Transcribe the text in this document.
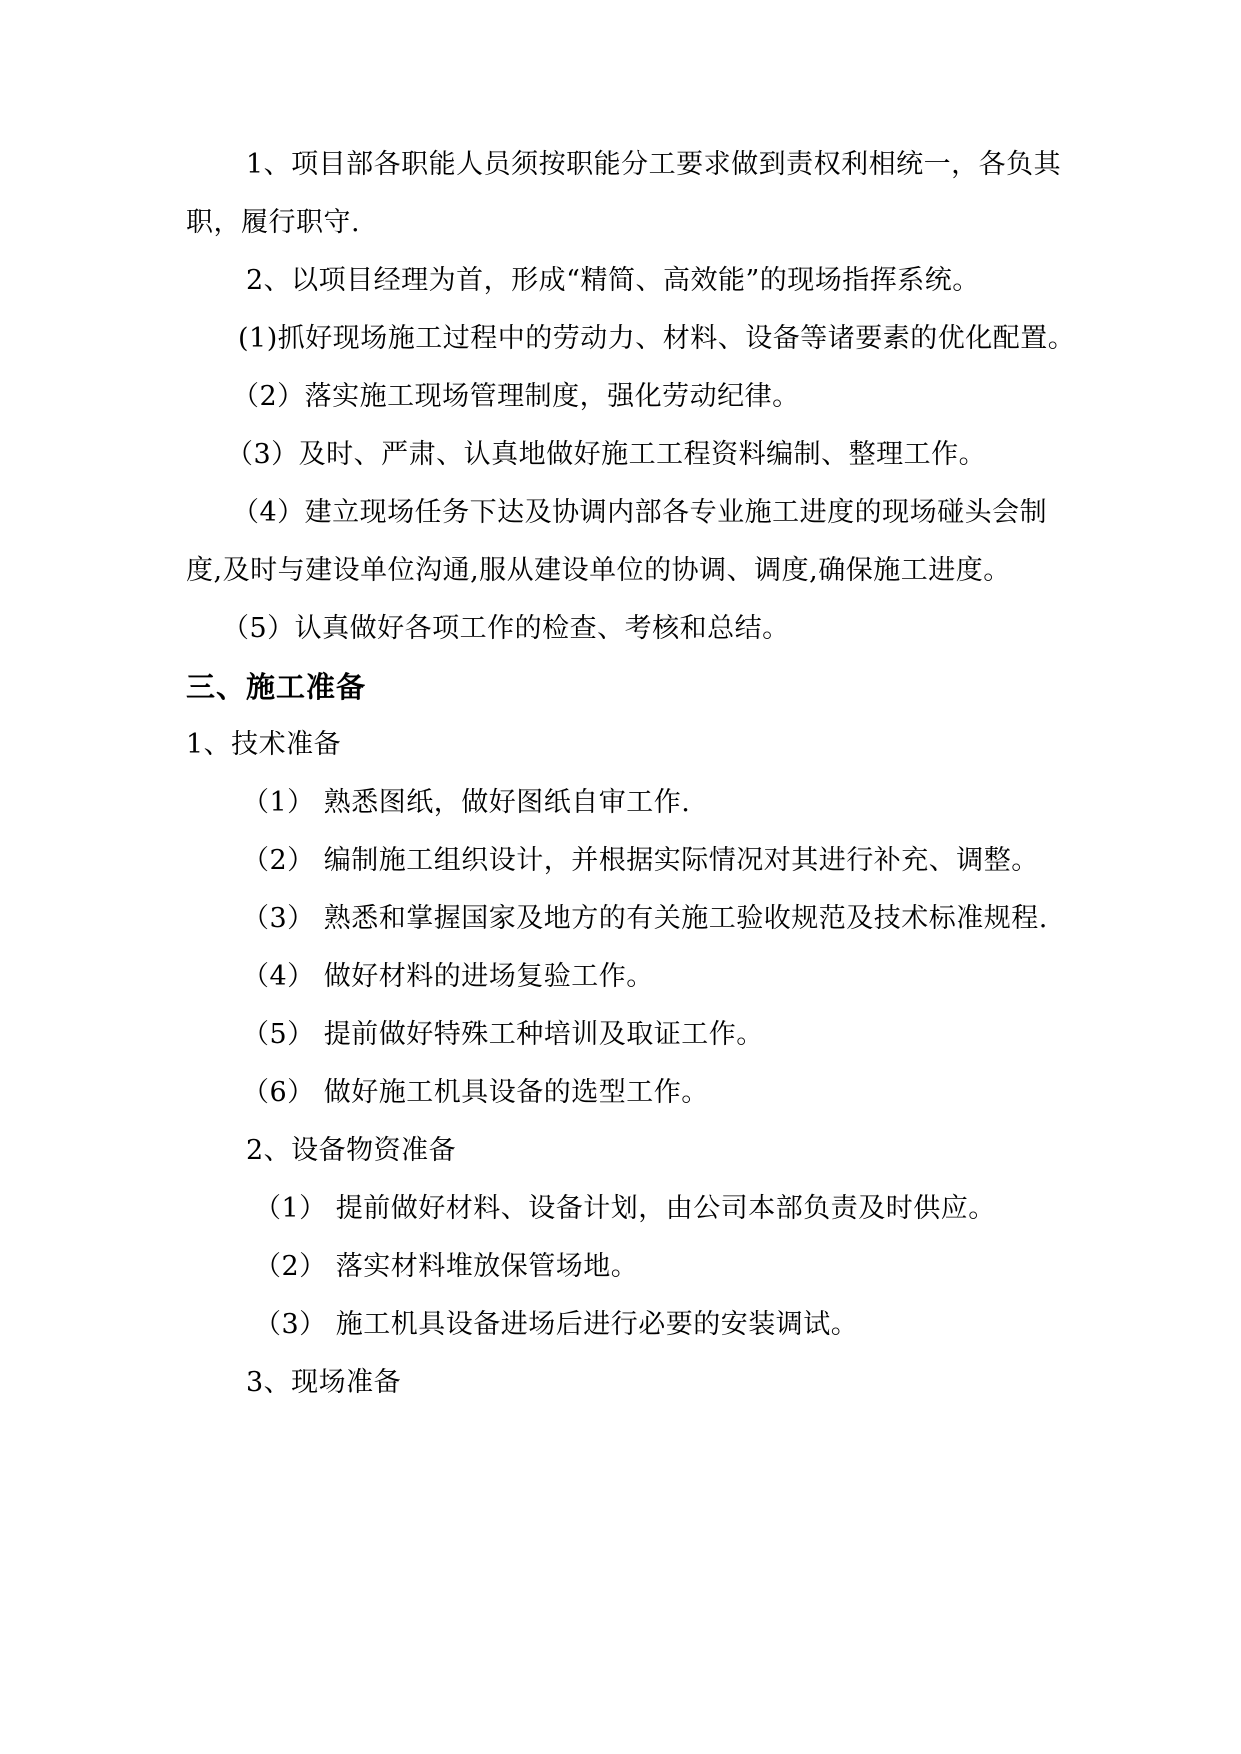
1、项目部各职能人员须按职能分工要求做到责权利相统一，各负其
职，履行职守.
2、以项目经理为首，形成“精简、高效能”的现场指挥系统。
(1)抓好现场施工过程中的劳动力、材料、设备等诸要素的优化配置。
（2）落实施工现场管理制度，强化劳动纪律。
（3）及时、严肃、认真地做好施工工程资料编制、整理工作。
（4）建立现场任务下达及协调内部各专业施工进度的现场碰头会制
度,及时与建设单位沟通,服从建设单位的协调、调度,确保施工进度。
（5）认真做好各项工作的检查、考核和总结。
三、施工准备
1、技术准备
（1） 熟悉图纸，做好图纸自审工作.
（2） 编制施工组织设计，并根据实际情况对其进行补充、调整。
（3） 熟悉和掌握国家及地方的有关施工验收规范及技术标准规程.
（4） 做好材料的进场复验工作。
（5） 提前做好特殊工种培训及取证工作。
（6） 做好施工机具设备的选型工作。
2、设备物资准备
（1） 提前做好材料、设备计划，由公司本部负责及时供应。
（2） 落实材料堆放保管场地。
（3） 施工机具设备进场后进行必要的安装调试。
3、现场准备
